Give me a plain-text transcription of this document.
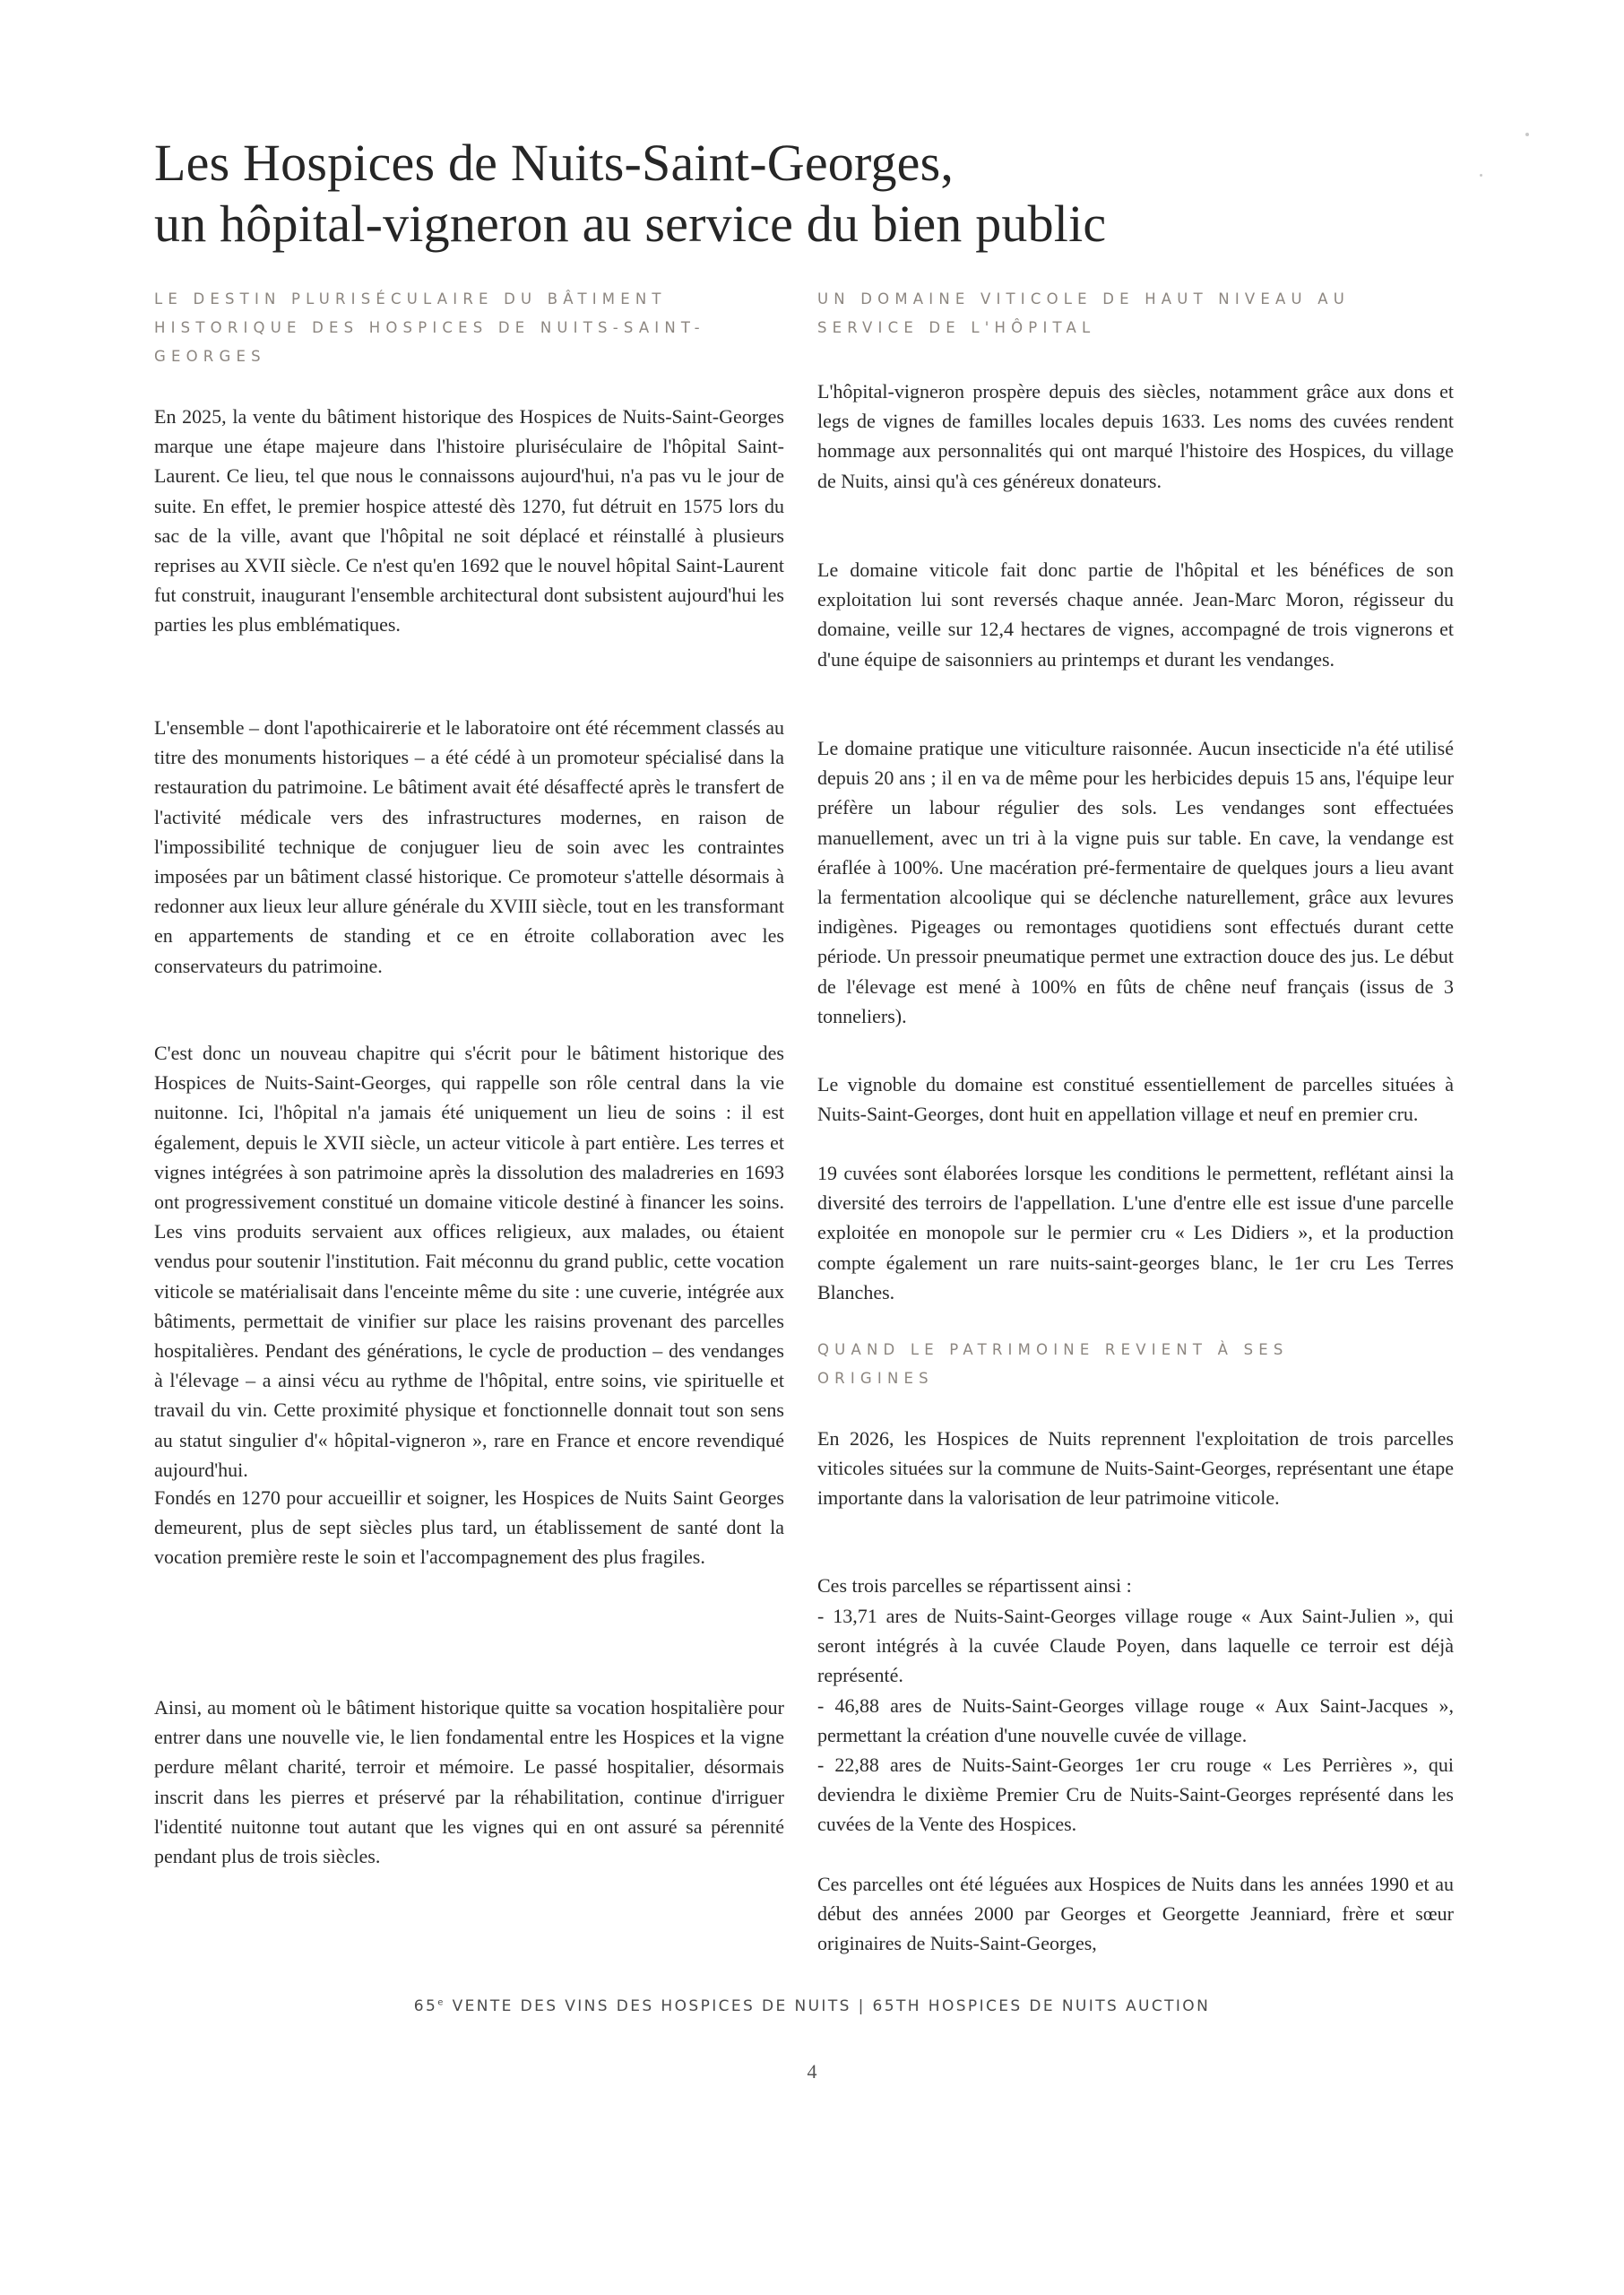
Les Hospices de Nuits-Saint-Georges,
un hôpital-vigneron au service du bien public

LE DESTIN PLURISÉCULAIRE DU BÂTIMENT HISTORIQUE DES HOSPICES DE NUITS-SAINT-GEORGES

En 2025, la vente du bâtiment historique des Hospices de Nuits-Saint-Georges marque une étape majeure dans l'histoire pluriséculaire de l'hôpital Saint-Laurent. Ce lieu, tel que nous le connaissons aujourd'hui, n'a pas vu le jour de suite. En effet, le premier hospice attesté dès 1270, fut détruit en 1575 lors du sac de la ville, avant que l'hôpital ne soit déplacé et réinstallé à plusieurs reprises au XVII siècle. Ce n'est qu'en 1692 que le nouvel hôpital Saint-Laurent fut construit, inaugurant l'ensemble architectural dont subsistent aujourd'hui les parties les plus emblématiques.

L'ensemble – dont l'apothicairerie et le laboratoire ont été récemment classés au titre des monuments historiques – a été cédé à un promoteur spécialisé dans la restauration du patrimoine. Le bâtiment avait été désaffecté après le transfert de l'activité médicale vers des infrastructures modernes, en raison de l'impossibilité technique de conjuguer lieu de soin avec les contraintes imposées par un bâtiment classé historique. Ce promoteur s'attelle désormais à redonner aux lieux leur allure générale du XVIII siècle, tout en les transformant en appartements de standing et ce en étroite collaboration avec les conservateurs du patrimoine.

C'est donc un nouveau chapitre qui s'écrit pour le bâtiment historique des Hospices de Nuits-Saint-Georges, qui rappelle son rôle central dans la vie nuitonne. Ici, l'hôpital n'a jamais été uniquement un lieu de soins : il est également, depuis le XVII siècle, un acteur viticole à part entière. Les terres et vignes intégrées à son patrimoine après la dissolution des maladreries en 1693 ont progressivement constitué un domaine viticole destiné à financer les soins. Les vins produits servaient aux offices religieux, aux malades, ou étaient vendus pour soutenir l'institution. Fait méconnu du grand public, cette vocation viticole se matérialisait dans l'enceinte même du site : une cuverie, intégrée aux bâtiments, permettait de vinifier sur place les raisins provenant des parcelles hospitalières. Pendant des générations, le cycle de production – des vendanges à l'élevage – a ainsi vécu au rythme de l'hôpital, entre soins, vie spirituelle et travail du vin. Cette proximité physique et fonctionnelle donnait tout son sens au statut singulier d'« hôpital-vigneron », rare en France et encore revendiqué aujourd'hui.

Fondés en 1270 pour accueillir et soigner, les Hospices de Nuits Saint Georges demeurent, plus de sept siècles plus tard, un établissement de santé dont la vocation première reste le soin et l'accompagnement des plus fragiles.

Ainsi, au moment où le bâtiment historique quitte sa vocation hospitalière pour entrer dans une nouvelle vie, le lien fondamental entre les Hospices et la vigne perdure mêlant charité, terroir et mémoire. Le passé hospitalier, désormais inscrit dans les pierres et préservé par la réhabilitation, continue d'irriguer l'identité nuitonne tout autant que les vignes qui en ont assuré sa pérennité pendant plus de trois siècles.

UN DOMAINE VITICOLE DE HAUT NIVEAU AU SERVICE DE L'HÔPITAL

L'hôpital-vigneron prospère depuis des siècles, notamment grâce aux dons et legs de vignes de familles locales depuis 1633. Les noms des cuvées rendent hommage aux personnalités qui ont marqué l'histoire des Hospices, du village de Nuits, ainsi qu'à ces généreux donateurs.

Le domaine viticole fait donc partie de l'hôpital et les bénéfices de son exploitation lui sont reversés chaque année. Jean-Marc Moron, régisseur du domaine, veille sur 12,4 hectares de vignes, accompagné de trois vignerons et d'une équipe de saisonniers au printemps et durant les vendanges.

Le domaine pratique une viticulture raisonnée. Aucun insecticide n'a été utilisé depuis 20 ans ; il en va de même pour les herbicides depuis 15 ans, l'équipe leur préfère un labour régulier des sols. Les vendanges sont effectuées manuellement, avec un tri à la vigne puis sur table. En cave, la vendange est éraflée à 100%. Une macération pré-fermentaire de quelques jours a lieu avant la fermentation alcoolique qui se déclenche naturellement, grâce aux levures indigènes. Pigeages ou remontages quotidiens sont effectués durant cette période. Un pressoir pneumatique permet une extraction douce des jus. Le début de l'élevage est mené à 100% en fûts de chêne neuf français (issus de 3 tonneliers).

Le vignoble du domaine est constitué essentiellement de parcelles situées à Nuits-Saint-Georges, dont huit en appellation village et neuf en premier cru.

19 cuvées sont élaborées lorsque les conditions le permettent, reflétant ainsi la diversité des terroirs de l'appellation. L'une d'entre elle est issue d'une parcelle exploitée en monopole sur le permier cru « Les Didiers », et la production compte également un rare nuits-saint-georges blanc, le 1er cru Les Terres Blanches.

QUAND LE PATRIMOINE REVIENT À SES ORIGINES

En 2026, les Hospices de Nuits reprennent l'exploitation de trois parcelles viticoles situées sur la commune de Nuits-Saint-Georges, représentant une étape importante dans la valorisation de leur patrimoine viticole.

Ces trois parcelles se répartissent ainsi :

- 13,71 ares de Nuits-Saint-Georges village rouge « Aux Saint-Julien », qui seront intégrés à la cuvée Claude Poyen, dans laquelle ce terroir est déjà représenté.

- 46,88 ares de Nuits-Saint-Georges village rouge « Aux Saint-Jacques », permettant la création d'une nouvelle cuvée de village.

- 22,88 ares de Nuits-Saint-Georges 1er cru rouge « Les Perrières », qui deviendra le dixième Premier Cru de Nuits-Saint-Georges représenté dans les cuvées de la Vente des Hospices.

Ces parcelles ont été léguées aux Hospices de Nuits dans les années 1990 et au début des années 2000 par Georges et Georgette Jeanniard, frère et sœur originaires de Nuits-Saint-Georges,

65e VENTE DES VINS DES HOSPICES DE NUITS | 65TH HOSPICES DE NUITS AUCTION
4
